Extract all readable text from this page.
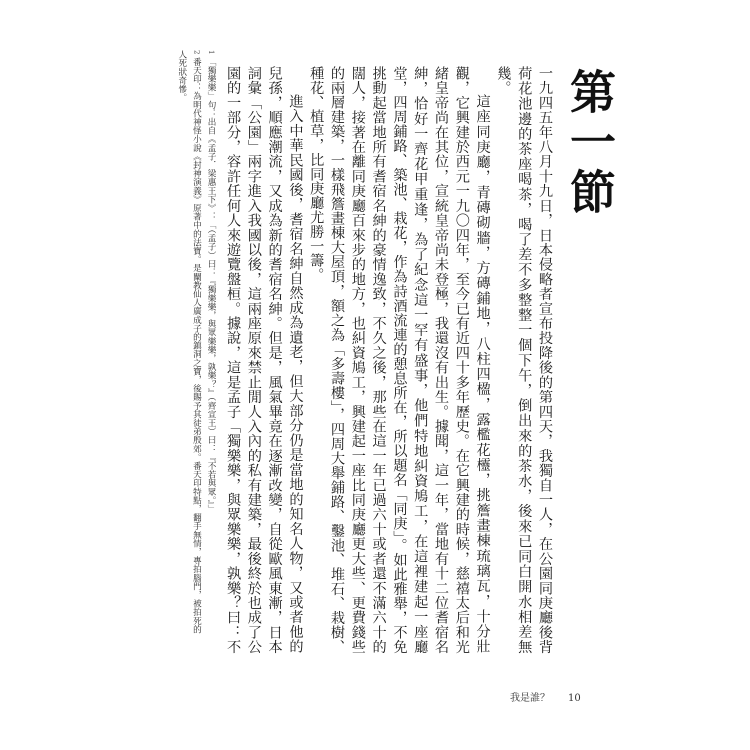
第一節

一九四五年八月十九日，日本侵略者宣布投降後的第四天，我獨自一人，在公園同庚廳後背荷花池邊的茶座喝茶，喝了差不多整整一個下午，倒出來的茶水，後來已同白開水相差無幾。

這座同庚廳，青磚砌牆，方磚鋪地，八柱四楹，露檻花欞，挑簷畫棟琉璃瓦，十分壯觀，它興建於西元一九〇四年，至今已有近四十多年歷史。在它興建的時候，慈禧太后和光緒皇帝尚在其位，宣統皇帝尚未登極，我還沒有出生。據聞，這一年，當地有十二位耆宿名紳，恰好一齊花甲重逢，為了紀念這一罕有盛事，他們特地糾資鳩工，在這裡建起一座廳堂，四周鋪路、築池、栽花，作為詩酒流連的憩息所在，所以題名「同庚」。如此雅舉，不免挑動起當地所有耆宿名紳的豪情逸致，不久之後，那些在這一年已過六十或者還不滿六十的闊人，接著在離同庚廳百來步的地方，也糾資鳩工，興建起一座比同庚廳更大些、更費錢些的兩層建築，一樣飛簷畫棟大屋頂，額之為「多壽樓」，四周大舉鋪路、鑿池、堆石、栽樹、種花、植草，比同庚廳尤勝一籌。

進入中華民國後，耆宿名紳自然成為遺老，但大部分仍是當地的知名人物，又或者他的兒孫，順應潮流，又成為新的耆宿名紳。但是，風氣畢竟在逐漸改變，自從歐風東漸，日本詞彙「公園」兩字進入我國以後，這兩座原來禁止閒人入內的私有建築，最後終於也成了公園的一部分，容許任何人來遊覽盤桓。據說，這是孟子「獨樂樂，與眾樂樂，孰樂？曰：不

1 「獨樂樂」句：出自《孟子．梁惠王下》：「（孟子）曰：『獨樂樂，與眾樂樂，孰樂？』（齊宣王）曰：『不若與眾。』」

2 番天印：為明代神怪小說《封神演義》原著中的法寶。是闡教仙人廣成子的鎮洞之寶，後賜予其徒弟殷郊。番天印特點，翻手無情，專拍腦門，被拍死的人死狀奇慘。

我是誰？ 10
